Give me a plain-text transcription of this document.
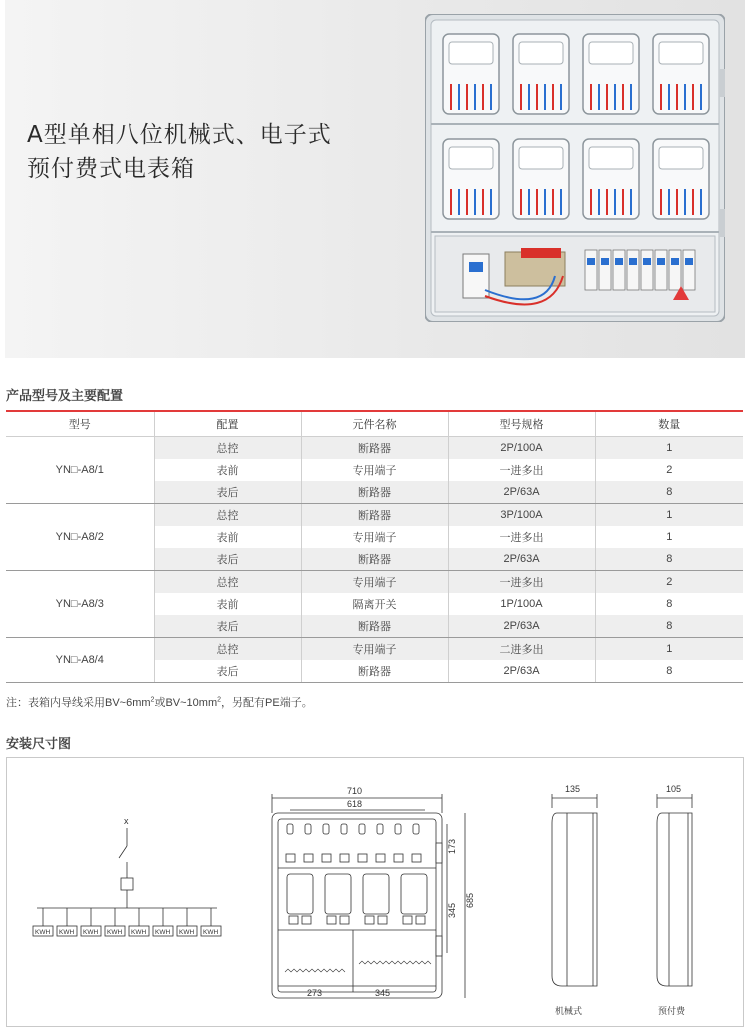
A型单相八位机械式、电子式
预付费式电表箱
产品型号及主要配置
型号	配置	元件名称	型号规格	数量
YN□-A8/1	总控	断路器	2P/100A	1
	表前	专用端子	一进多出	2
	表后	断路器	2P/63A	8
YN□-A8/2	总控	断路器	3P/100A	1
	表前	专用端子	一进多出	1
	表后	断路器	2P/63A	8
YN□-A8/3	总控	专用端子	一进多出	2
	表前	隔离开关	1P/100A	8
	表后	断路器	2P/63A	8
YN□-A8/4	总控	专用端子	二进多出	1
	表后	断路器	2P/63A	8
注：表箱内导线采用$BV\sim 6mm^2$或$BV\sim 10mm^2$，另配有PE端子。
安装尺寸图
x
KWH KWH KWH KWH KWH KWH KWH KWH
710
618
173
345
685
273	345
135
机械式
105
预付费
